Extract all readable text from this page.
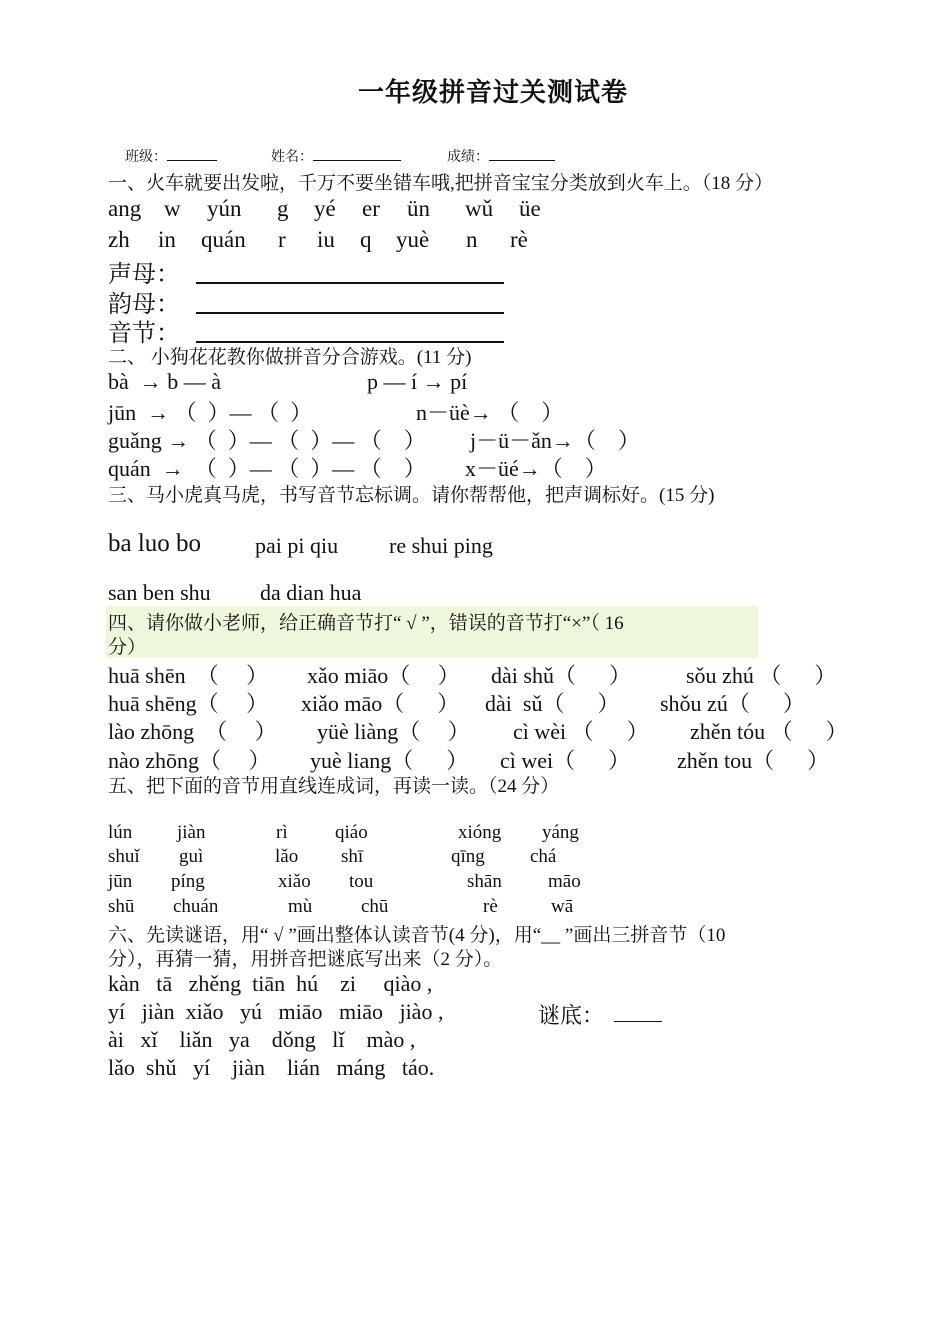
一年级拼音过关测试卷

班级：	姓名：	成绩：

一、火车就要出发啦，千万不要坐错车哦,把拼音宝宝分类放到火车上。（18 分）
ang w yún g yé er ün wǔ üe
zh in quán r iu q yuè n rè
声母：
韵母：
音节：
二、 小狗花花教你做拼音分合游戏。(11 分)
bà  → b — à	p — í → pí
jūn  → （  ）— （  ）	n－üè→ （    ）
guǎng → （  ）— （  ）— （    ） j－ü－ǎn→（    ）
quán  →  （  ）— （  ）— （    ） x－üé→（    ）
三、马小虎真马虎，书写音节忘标调。请你帮帮他，把声调标好。(15 分)
ba luo bo pai pi qiu re shui ping
san ben shu da dian hua
四、请你做小老师，给正确音节打“ √ ”，错误的音节打“×”（ 16
分）
huā shēn  （     ） xǎo miāo（     ） dài shǔ（      ）	sǒu zhú （      ）
huā shēng（     ） xiǎo māo（      ） dài  sǔ（      ） shǒu zú（      ）
lào zhōng  （     ） yüè liàng（     ） cì wèi （      ） zhěn tóu （      ）
nào zhōng（     ） yuè liang（      ） cì wei（      ） zhěn tou（      ）
五、把下面的音节用直线连成词，再读一读。（24 分）
lún jiàn	rì qiáo	xióng yáng
shuǐ guì	lǎo shī	qīng chá
jūn píng	xiǎo tou	shān māo
shū chuán	mù	chū	rè	wā
六、先读谜语，用“ √ ”画出整体认读音节(4 分)，用“__ ”画出三拼音节（10
分），再猜一猜，用拼音把谜底写出来（2 分）。
kàn   tā   zhěng  tiān  hú    zi     qiào ,
yí   jiàn  xiǎo   yú   miāo   miāo   jiào ,	谜底：
ài   xǐ    liǎn   ya    dǒng   lǐ    mào ,
lǎo  shǔ   yí    jiàn    lián   máng   táo.
